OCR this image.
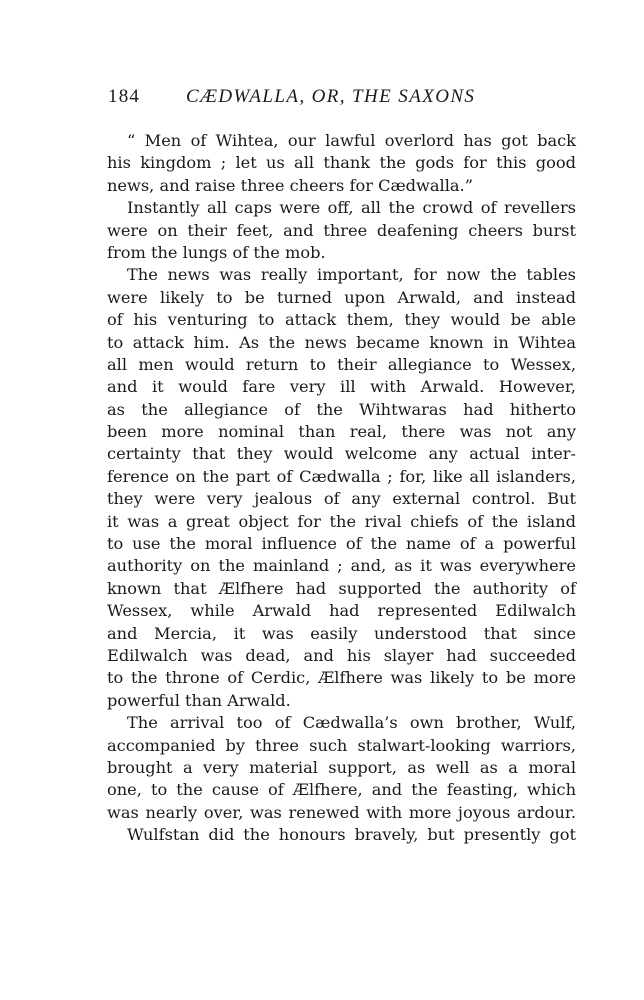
184 CÆDWALLA, OR, THE SAXONS
“ Men of Wihtea, our lawful overlord has got back
his kingdom ; let us all thank the gods for this good
news, and raise three cheers for Cædwalla.”
Instantly all caps were off, all the crowd of revellers
were on their feet, and three deafening cheers burst
from the lungs of the mob.
The news was really important, for now the tables
were likely to be turned upon Arwald, and instead
of his venturing to attack them, they would be able
to attack him. As the news became known in Wihtea
all men would return to their allegiance to Wessex,
and it would fare very ill with Arwald. However,
as the allegiance of the Wihtwaras had hitherto
been more nominal than real, there was not any
certainty that they would welcome any actual inter-
ference on the part of Cædwalla ; for, like all islanders,
they were very jealous of any external control. But
it was a great object for the rival chiefs of the island
to use the moral influence of the name of a powerful
authority on the mainland ; and, as it was everywhere
known that Ælfhere had supported the authority of
Wessex, while Arwald had represented Edilwalch
and Mercia, it was easily understood that since
Edilwalch was dead, and his slayer had succeeded
to the throne of Cerdic, Ælfhere was likely to be more
powerful than Arwald.
The arrival too of Cædwalla’s own brother, Wulf,
accompanied by three such stalwart-looking warriors,
brought a very material support, as well as a moral
one, to the cause of Ælfhere, and the feasting, which
was nearly over, was renewed with more joyous ardour.
Wulfstan did the honours bravely, but presently got
